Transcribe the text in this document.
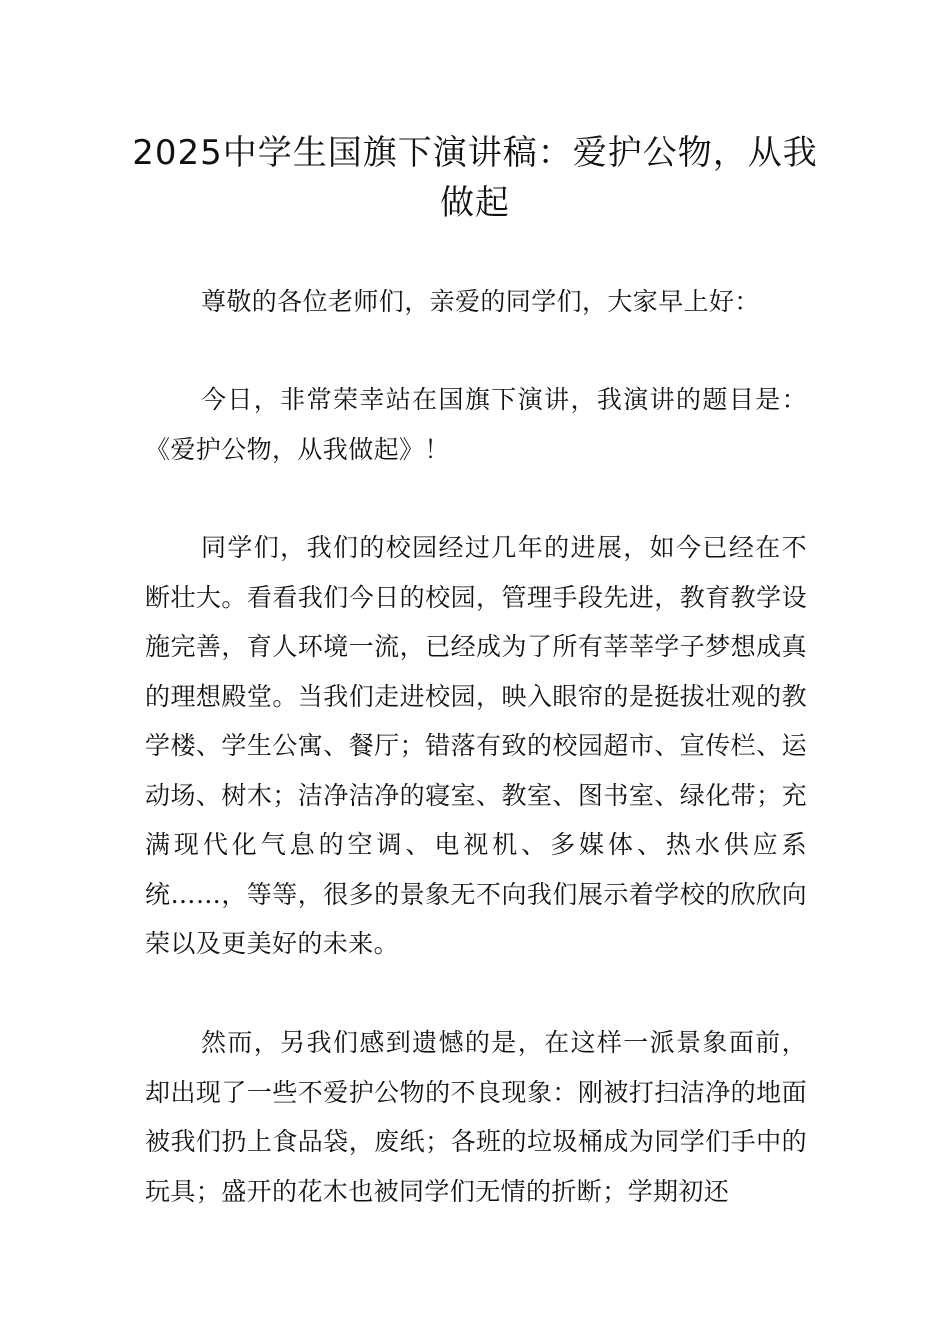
2025中学生国旗下演讲稿：爱护公物，从我做起

尊敬的各位老师们，亲爱的同学们，大家早上好：

今日，非常荣幸站在国旗下演讲，我演讲的题目是：《爱护公物，从我做起》！

同学们，我们的校园经过几年的进展，如今已经在不断壮大。看看我们今日的校园，管理手段先进，教育教学设施完善，育人环境一流，已经成为了所有莘莘学子梦想成真的理想殿堂。当我们走进校园，映入眼帘的是挺拔壮观的教学楼、学生公寓、餐厅；错落有致的校园超市、宣传栏、运动场、树木；洁净洁净的寝室、教室、图书室、绿化带；充满现代化气息的空调、电视机、多媒体、热水供应系统……，等等，很多的景象无不向我们展示着学校的欣欣向荣以及更美好的未来。

然而，另我们感到遗憾的是，在这样一派景象面前，却出现了一些不爱护公物的不良现象：刚被打扫洁净的地面被我们扔上食品袋，废纸；各班的垃圾桶成为同学们手中的玩具；盛开的花木也被同学们无情的折断；学期初还
